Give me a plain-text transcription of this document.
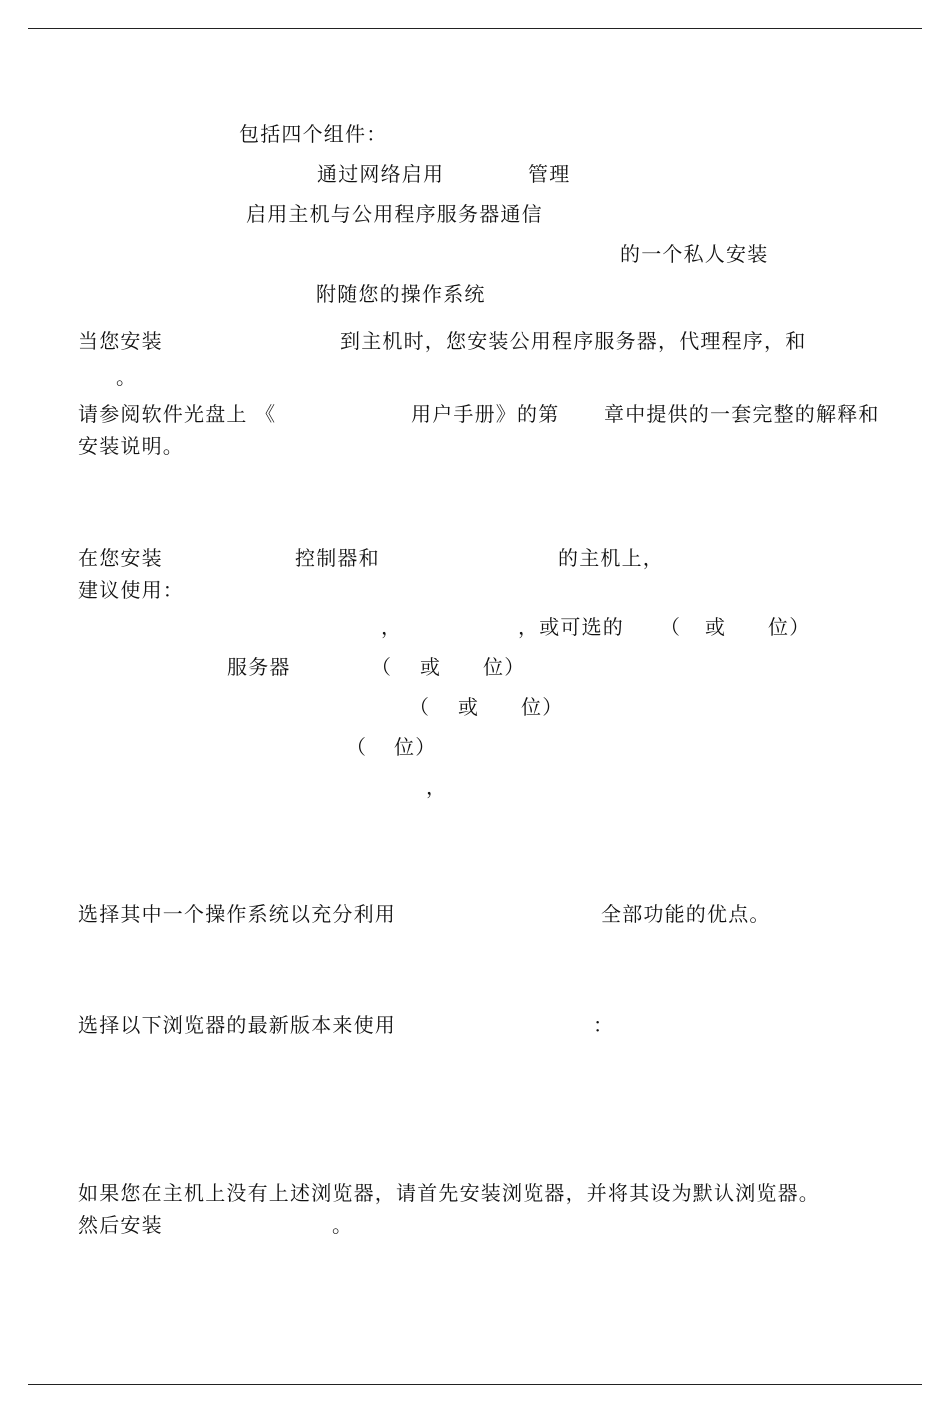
包括四个组件：
通过网络启用	管理
启用主机与公用程序服务器通信
的一个私人安装
附随您的操作系统
当您安装	到主机时，您安装公用程序服务器，代理程序，和
。
请参阅软件光盘上 《	用户手册》的第 章中提供的一套完整的解释和
安装说明。
在您安装	控制器和	的主机上，
建议使用：
，	，或可选的 （ 或 位）
服务器	（ 或 位）
（ 或 位）
（ 位）
，
选择其中一个操作系统以充分利用	全部功能的优点。
选择以下浏览器的最新版本来使用	：
如果您在主机上没有上述浏览器，请首先安装浏览器，并将其设为默认浏览器。
然后安装	。
